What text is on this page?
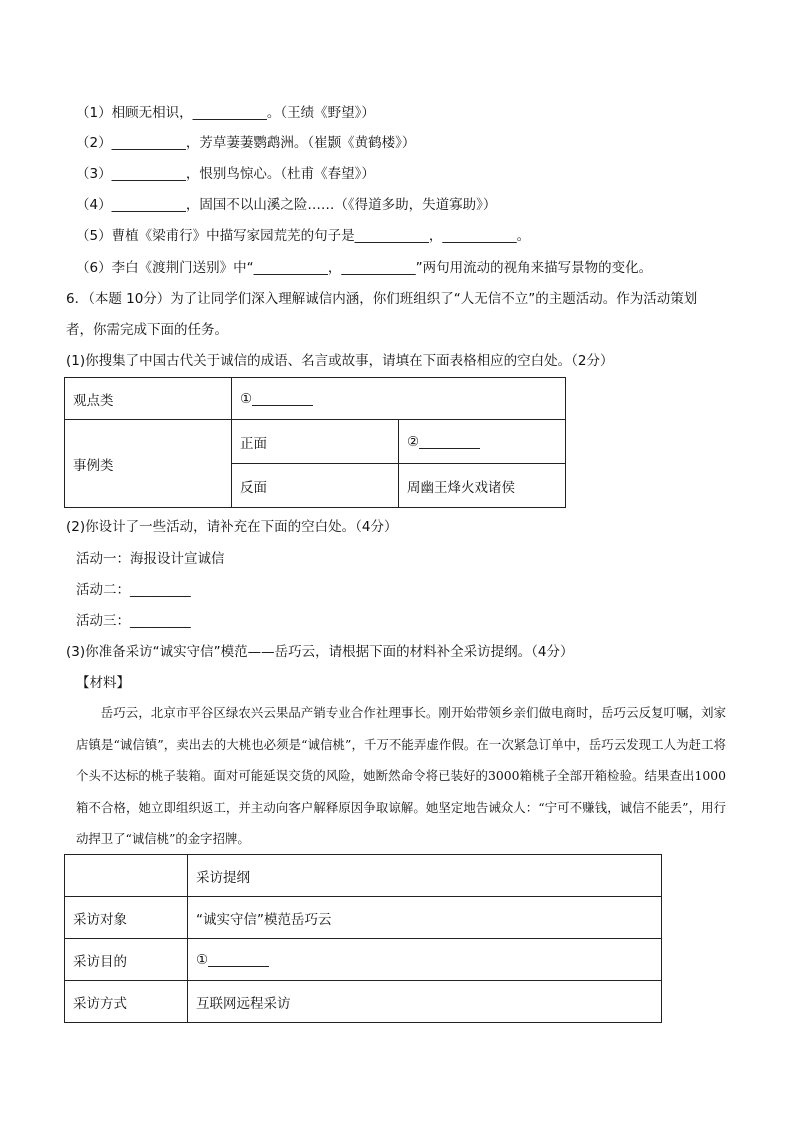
（1）相顾无相识，___________。（王绩《野望》）
（2）___________，芳草萋萋鹦鹉洲。（崔颢《黄鹤楼》）
（3）___________，恨别鸟惊心。（杜甫《春望》）
（4）___________，固国不以山溪之险……（《得道多助，失道寡助》）
（5）曹植《梁甫行》中描写家园荒芜的句子是___________，___________。
（6）李白《渡荆门送别》中“___________，___________”两句用流动的视角来描写景物的变化。
6．（本题 10分）为了让同学们深入理解诚信内涵，你们班组织了“人无信不立”的主题活动。作为活动策划
者，你需完成下面的任务。
(1)你搜集了中国古代关于诚信的成语、名言或故事，请填在下面表格相应的空白处。（2分）
观点类	①_________	
事例类	正面	②_________
	反面	周幽王烽火戏诸侯
(2)你设计了一些活动，请补充在下面的空白处。（4分）
活动一：海报设计宣诚信
活动二：_________
活动三：_________
(3)你准备采访“诚实守信”模范——岳巧云，请根据下面的材料补全采访提纲。（4分）
【材料】
岳巧云，北京市平谷区绿农兴云果品产销专业合作社理事长。刚开始带领乡亲们做电商时，岳巧云反复叮嘱，刘家店镇是“诚信镇”，卖出去的大桃也必须是“诚信桃”，千万不能弄虚作假。在一次紧急订单中，岳巧云发现工人为赶工将个头不达标的桃子装箱。面对可能延误交货的风险，她断然命令将已装好的3000箱桃子全部开箱检验。结果查出1000箱不合格，她立即组织返工，并主动向客户解释原因争取谅解。她坚定地告诫众人：“宁可不赚钱，诚信不能丢”，用行动捍卫了“诚信桃”的金字招牌。
	采访提纲
采访对象	“诚实守信”模范岳巧云
采访目的	①_________
采访方式	互联网远程采访
